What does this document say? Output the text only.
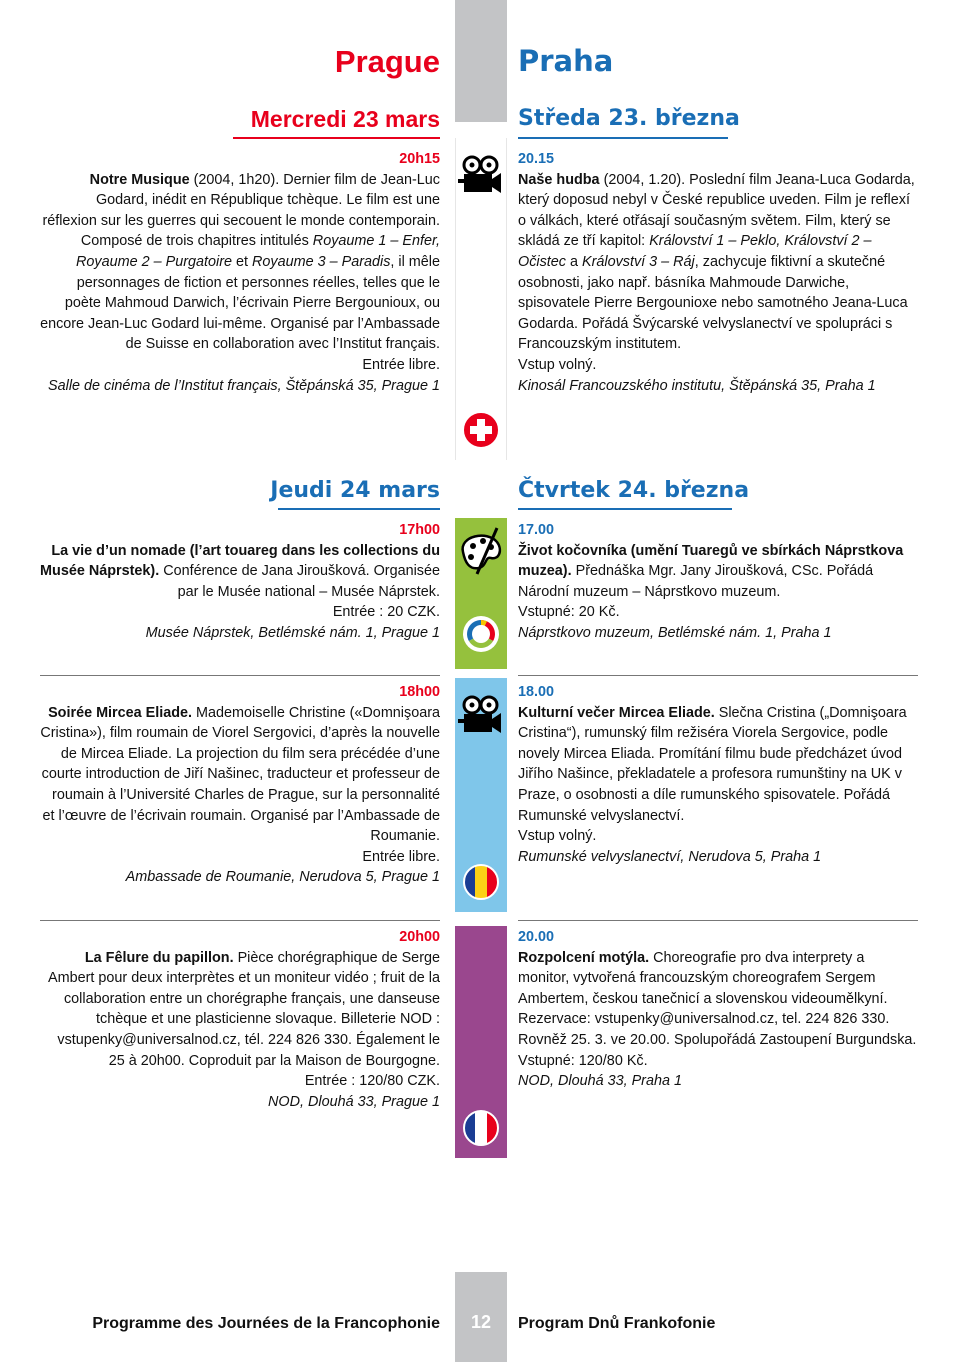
12
Prague	Praha
Mercredi 23 mars	Středa 23. března

20h15

Notre Musique (2004, 1h20). Dernier film de Jean-Luc Godard, inédit en République tchèque. Le film est une réflexion sur les guerres qui secouent le monde contemporain. Composé de trois chapitres intitulés Royaume 1 – Enfer, Royaume 2 – Purgatoire et Royaume 3 – Paradis, il mêle personnages de fiction et personnes réelles, telles que le poète Mahmoud Darwich, l’écrivain Pierre Bergounioux, ou encore Jean-Luc Godard lui-même. Organisé par l’Ambassade de Suisse en collaboration avec l’Institut français.

Entrée libre.

Salle de cinéma de l’Institut français, Štěpánská 35, Prague 1

20.15

Naše hudba (2004, 1.20). Poslední film Jeana-Luca Godarda, který doposud nebyl v České republice uveden. Film je reflexí o válkách, které otřásají současným světem. Film, který se skládá ze tří kapitol: Království 1 – Peklo, Království 2 – Očistec a Království 3 – Ráj, zachycuje fiktivní a skutečné osobnosti, jako např. básníka Mahmoude Darwiche, spisovatele Pierre Bergounioxe nebo samotného Jeana-Luca Godarda. Pořádá Švýcarské velvyslanectví ve spolupráci s Francouzským institutem.

Vstup volný.

Kinosál Francouzského institutu, Štěpánská 35, Praha 1

Jeudi 24 mars	Čtvrtek 24. března

17h00

La vie d’un nomade (l’art touareg dans les collections du Musée Náprstek). Conférence de Jana Jiroušková. Organisée par le Musée national – Musée Náprstek.

Entrée : 20 CZK.

Musée Náprstek, Betlémské nám. 1, Prague 1

17.00

Život kočovníka (umění Tuaregů ve sbírkách Náprstkova muzea). Přednáška Mgr. Jany Jiroušková, CSc. Pořádá Národní muzeum – Náprstkovo muzeum.

Vstupné: 20 Kč.

Náprstkovo muzeum, Betlémské nám. 1, Praha 1

18h00

Soirée Mircea Eliade. Mademoiselle Christine («Domnişoara Cristina»), film roumain de Viorel Sergovici, d’après la nouvelle de Mircea Eliade. La projection du film sera précédée d’une courte introduction de Jiří Našinec, traducteur et professeur de roumain à l’Université Charles de Prague, sur la personnalité et l’œuvre de l’écrivain roumain. Organisé par l’Ambassade de Roumanie.

Entrée libre.

Ambassade de Roumanie, Nerudova 5, Prague 1

18.00

Kulturní večer Mircea Eliade. Slečna Cristina („Domnişoara Cristina“), rumunský film režiséra Viorela Sergovice, podle novely Mircea Eliada. Promítání filmu bude předcházet úvod Jiřího Našince, překladatele a profesora rumunštiny na UK v Praze, o osobnosti a díle rumunského spisovatele. Pořádá Rumunské velvyslanectví.

Vstup volný.

Rumunské velvyslanectví, Nerudova 5, Praha 1

20h00

La Fêlure du papillon. Pièce chorégraphique de Serge Ambert pour deux interprètes et un moniteur vidéo ; fruit de la collaboration entre un chorégraphe français, une danseuse tchèque et une plasticienne slovaque. Billeterie NOD : vstupenky@universalnod.cz, tél. 224 826 330. Également le 25 à 20h00. Coproduit par la Maison de Bourgogne.

Entrée : 120/80 CZK.

NOD, Dlouhá 33, Prague 1

20.00

Rozpolcení motýla. Choreografie pro dva interprety a monitor, vytvořená francouzským choreografem Sergem Ambertem, českou tanečnicí a slovenskou videoumělkyní. Rezervace: vstupenky@universalnod.cz, tel. 224 826 330. Rovněž 25. 3. ve 20.00. Spolupořádá Zastoupení Burgundska.

Vstupné: 120/80 Kč.

NOD, Dlouhá 33, Praha 1

Programme des Journées de la Francophonie	Program Dnů Frankofonie
